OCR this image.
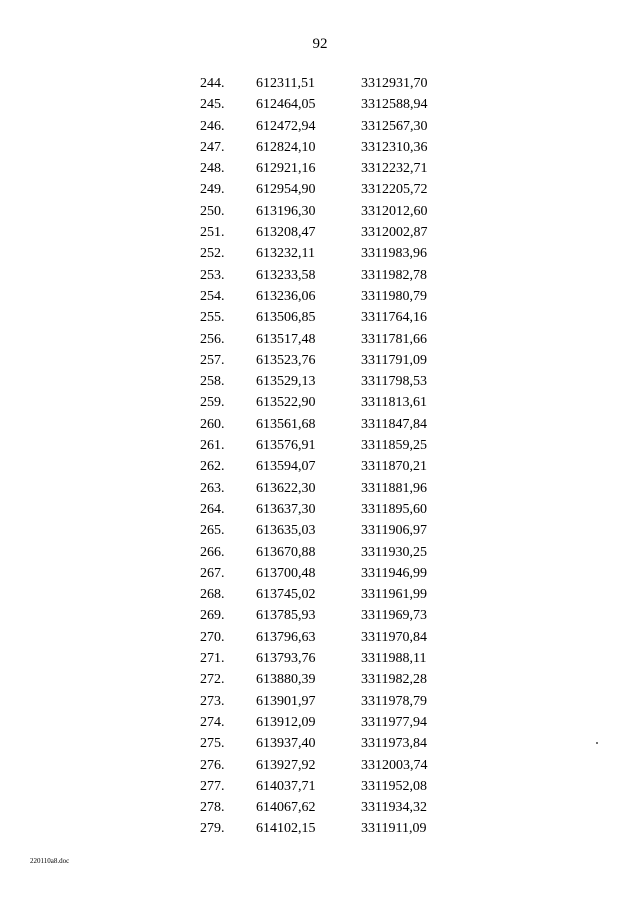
92
244.	612311,51	3312931,70
245.	612464,05	3312588,94
246.	612472,94	3312567,30
247.	612824,10	3312310,36
248.	612921,16	3312232,71
249.	612954,90	3312205,72
250.	613196,30	3312012,60
251.	613208,47	3312002,87
252.	613232,11	3311983,96
253.	613233,58	3311982,78
254.	613236,06	3311980,79
255.	613506,85	3311764,16
256.	613517,48	3311781,66
257.	613523,76	3311791,09
258.	613529,13	3311798,53
259.	613522,90	3311813,61
260.	613561,68	3311847,84
261.	613576,91	3311859,25
262.	613594,07	3311870,21
263.	613622,30	3311881,96
264.	613637,30	3311895,60
265.	613635,03	3311906,97
266.	613670,88	3311930,25
267.	613700,48	3311946,99
268.	613745,02	3311961,99
269.	613785,93	3311969,73
270.	613796,63	3311970,84
271.	613793,76	3311988,11
272.	613880,39	3311982,28
273.	613901,97	3311978,79
274.	613912,09	3311977,94
275.	613937,40	3311973,84
276.	613927,92	3312003,74
277.	614037,71	3311952,08
278.	614067,62	3311934,32
279.	614102,15	3311911,09
220110a8.doc
